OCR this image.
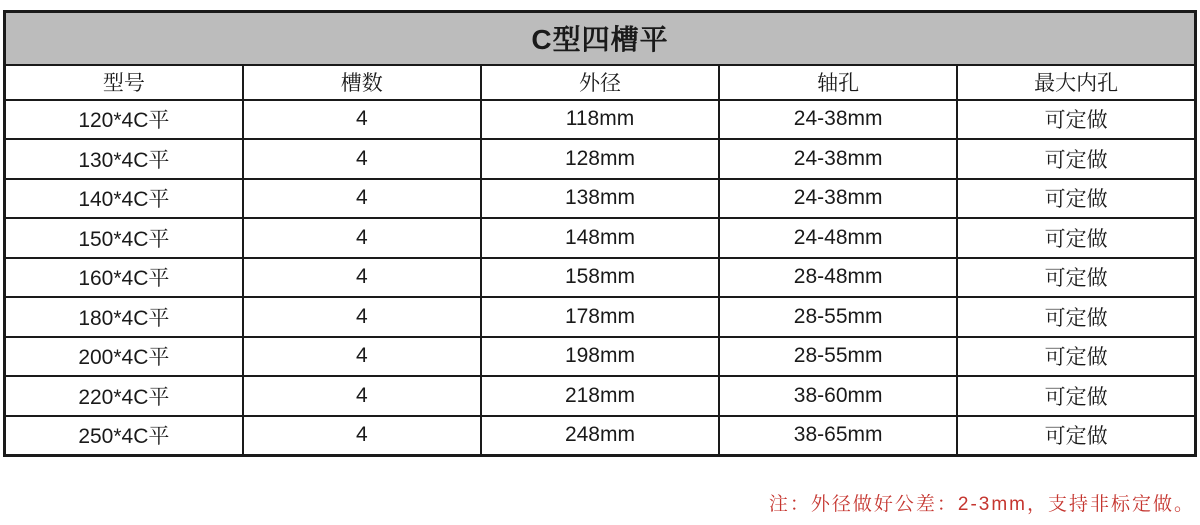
C型四槽平				
型号	槽数	外径	轴孔	最大内孔
120*4C平	4	118mm	24-38mm	可定做
130*4C平	4	128mm	24-38mm	可定做
140*4C平	4	138mm	24-38mm	可定做
150*4C平	4	148mm	24-48mm	可定做
160*4C平	4	158mm	28-48mm	可定做
180*4C平	4	178mm	28-55mm	可定做
200*4C平	4	198mm	28-55mm	可定做
220*4C平	4	218mm	38-60mm	可定做
250*4C平	4	248mm	38-65mm	可定做
注：外径做好公差：2-3mm，支持非标定做。
